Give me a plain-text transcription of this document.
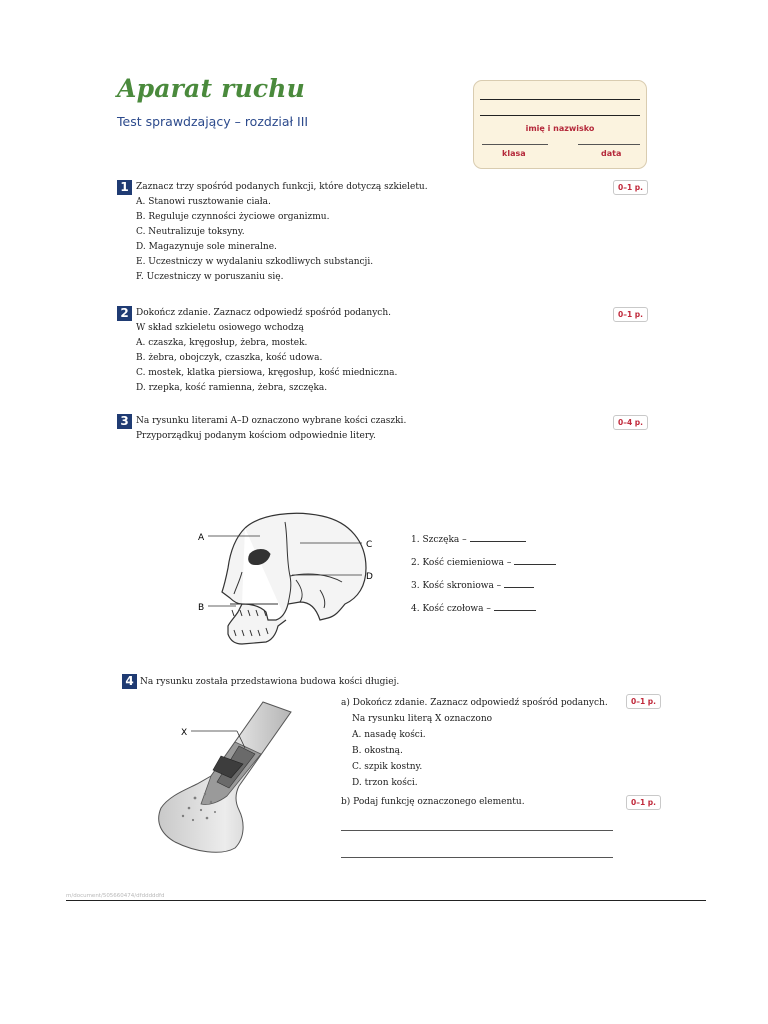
Aparat ruchu
Test sprawdzający – rozdział III	imię i nazwisko
klasa	data
1 Zaznacz trzy spośród podanych funkcji, które dotyczą szkieletu.	0–1 p.
A. Stanowi rusztowanie ciała.
B. Reguluje czynności życiowe organizmu.
C. Neutralizuje toksyny.
D. Magazynuje sole mineralne.
E. Uczestniczy w wydalaniu szkodliwych substancji.
F. Uczestniczy w poruszaniu się.
2 Dokończ zdanie. Zaznacz odpowiedź spośród podanych.	0–1 p.
W skład szkieletu osiowego wchodzą
A. czaszka, kręgosłup, żebra, mostek.
B. żebra, obojczyk, czaszka, kość udowa.
C. mostek, klatka piersiowa, kręgosłup, kość miedniczna.
D. rzepka, kość ramienna, żebra, szczęka.
3 Na rysunku literami A–D oznaczono wybrane kości czaszki.
Przyporządkuj podanym kościom odpowiednie litery.
0–4 p.
A
B
C
D
1. Szczęka –
2. Kość ciemieniowa –
3. Kość skroniowa –
4. Kość czołowa –
4 Na rysunku została przedstawiona budowa kości długiej.
X
a) Dokończ zdanie. Zaznacz odpowiedź spośród podanych.	0–1 p.
Na rysunku literą X oznaczono
A. nasadę kości.
B. okostną.
C. szpik kostny.
D. trzon kości.
b) Podaj funkcję oznaczonego elementu.	0–1 p.
m/document/505660474/dfdddddfd
